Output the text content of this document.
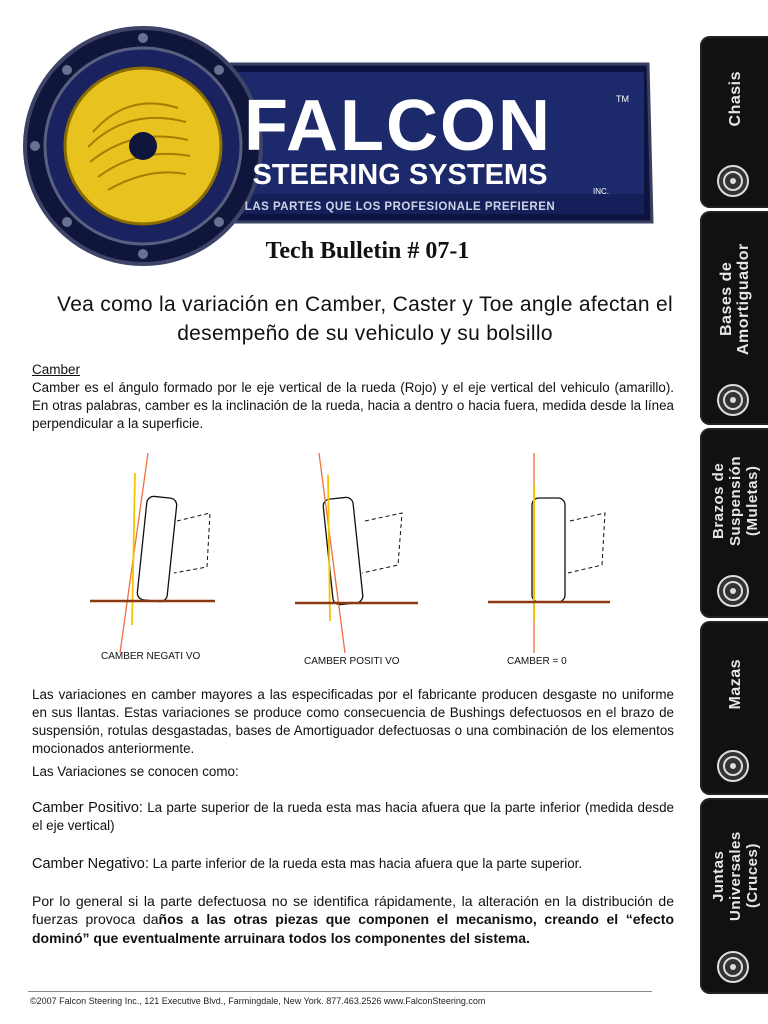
FALCON
STEERING SYSTEMS
INC.
TM
LAS PARTES QUE LOS PROFESIONALE PREFIEREN
Tech Bulletin # 07-1
Vea como la variación en Camber, Caster y Toe angle afectan el desempeño de su vehiculo y su bolsillo
Camber
Camber es el ángulo formado por le eje vertical de la rueda (Rojo) y el eje vertical del vehiculo (amarillo). En otras palabras, camber es la inclinación de la rueda, hacia a dentro o hacia fuera, medida desde la línea perpendicular a la superficie.
CAMBER NEGATI VO	CAMBER POSITI VO	CAMBER = 0
Las variaciones en camber mayores a las especificadas por el fabricante producen desgaste no uniforme en sus llantas. Estas variaciones se produce como consecuencia de Bushings defectuosos en el brazo de suspensión, rotulas desgastadas, bases de Amortiguador defectuosas o una combinación de los elementos mocionados anteriormente.
Las Variaciones se conocen como:
Camber Positivo: La parte superior de la rueda esta mas hacia afuera que la parte inferior (medida desde el eje vertical)
Camber Negativo: La parte inferior de la rueda esta mas hacia afuera que la parte superior.
Por lo general si la parte defectuosa no se identifica rápidamente, la alteración en la distribución de fuerzas provoca daños a las otras piezas que componen el mecanismo, creando el “efecto dominó” que eventualmente arruinara todos los componentes del sistema.
©2007 Falcon Steering Inc., 121 Executive Blvd., Farmingdale, New York. 877.463.2526 www.FalconSteering.com
Chasis
Bases de Amortiguador
Brazos de Suspensión (Muletas)
Mazas
Juntas Universales (Cruces)
